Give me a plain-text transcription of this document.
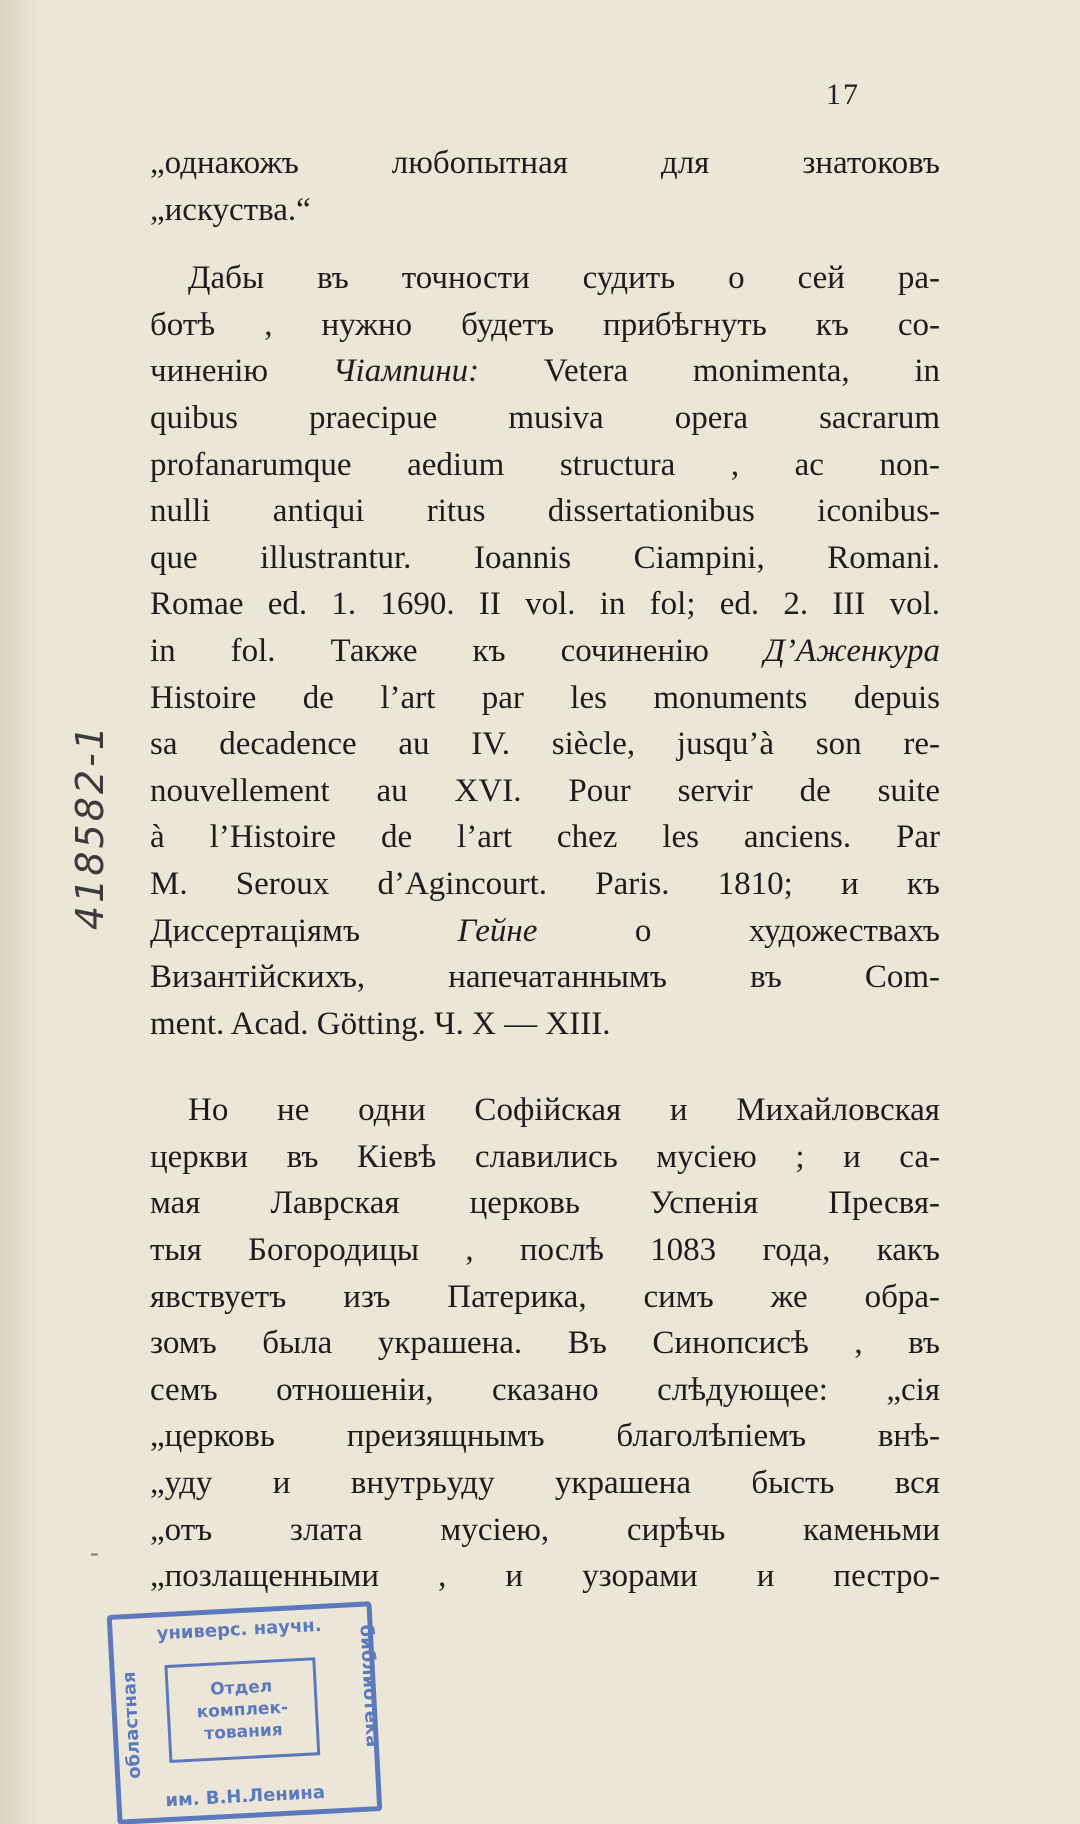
17
„однакожъ любопытная для знатоковъ
„искуства.“
Дабы въ точности судить о сей ра-
ботѣ , нужно будетъ прибѣгнуть къ со-
чиненію Чіампини: Vetera monimenta, in
quibus praecipue musiva opera sacrarum
profanarumque aedium structura , ac non-
nulli antiqui ritus dissertationibus iconibus-
que illustrantur. Ioannis Ciampini, Romani.
Romae ed. 1. 1690. II vol. in fol; ed. 2. III vol.
in fol. Также къ сочиненію Д’Аженкура
Histoire de l’art par les monuments depuis
sa decadence au IV. siècle, jusqu’à son re-
nouvellement au XVI. Pour servir de suite
à l’Histoire de l’art chez les anciens. Par
M. Seroux d’Agincourt. Paris. 1810; и къ
Диссертаціямъ Гейне о художествахъ
Византійскихъ, напечатаннымъ въ Com-
ment. Acad. Götting. Ч. X — XIII.
Но не одни Софійская и Михайловская
церкви въ Кіевѣ славились мусіею ; и са-
мая Лаврская церковь Успенія Пресвя-
тыя Богородицы , послѣ 1083 года, какъ
явствуетъ изъ Патерика, симъ же обра-
зомъ была украшена. Въ Синопсисѣ , въ
семъ отношеніи, сказано слѣдующее: „сія
„церковь преизящнымъ благолѣпіемъ внѣ-
„уду и внутрьуду украшена бысть вся
„отъ злата мусіею, сирѣчь каменьми
„позлащенными , и узорами и пестро-
418582-1
-
универс. научн.
областная	библиотека
Отдел
комплек-
тования
им. В.Н.Ленина
